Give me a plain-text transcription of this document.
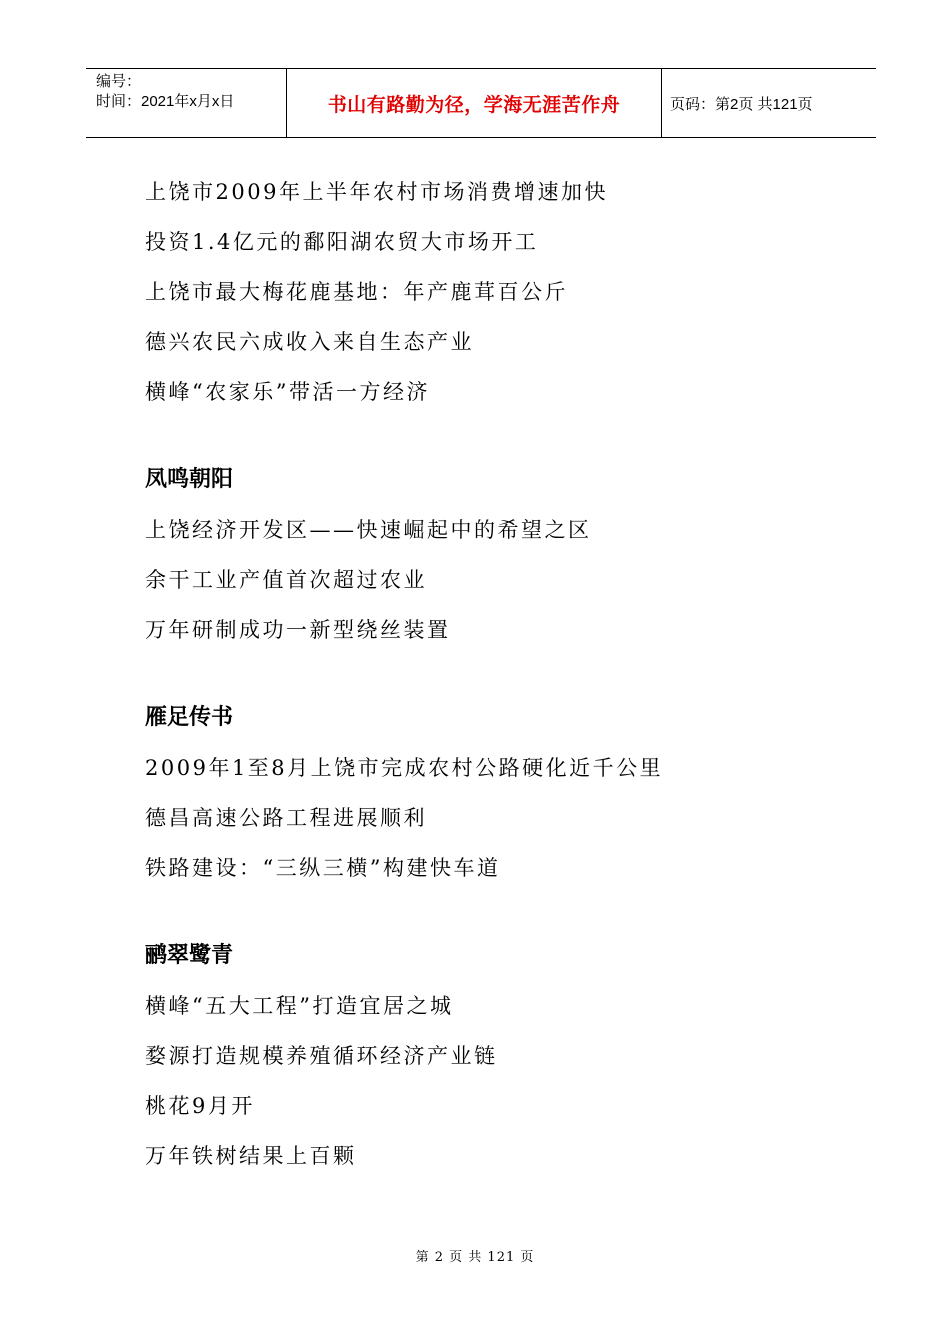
编号：
时间：2021年x月x日	书山有路勤为径，学海无涯苦作舟	页码：第2页 共121页
上饶市2009年上半年农村市场消费增速加快
投资1.4亿元的鄱阳湖农贸大市场开工
上饶市最大梅花鹿基地：年产鹿茸百公斤
德兴农民六成收入来自生态产业
横峰“农家乐”带活一方经济
凤鸣朝阳
上饶经济开发区——快速崛起中的希望之区
余干工业产值首次超过农业
万年研制成功一新型绕丝装置
雁足传书
2009年1至8月上饶市完成农村公路硬化近千公里
德昌高速公路工程进展顺利
铁路建设：“三纵三横”构建快车道
鹂翠鹭青
横峰“五大工程”打造宜居之城
婺源打造规模养殖循环经济产业链
桃花9月开
万年铁树结果上百颗
第 2 页 共 121 页
